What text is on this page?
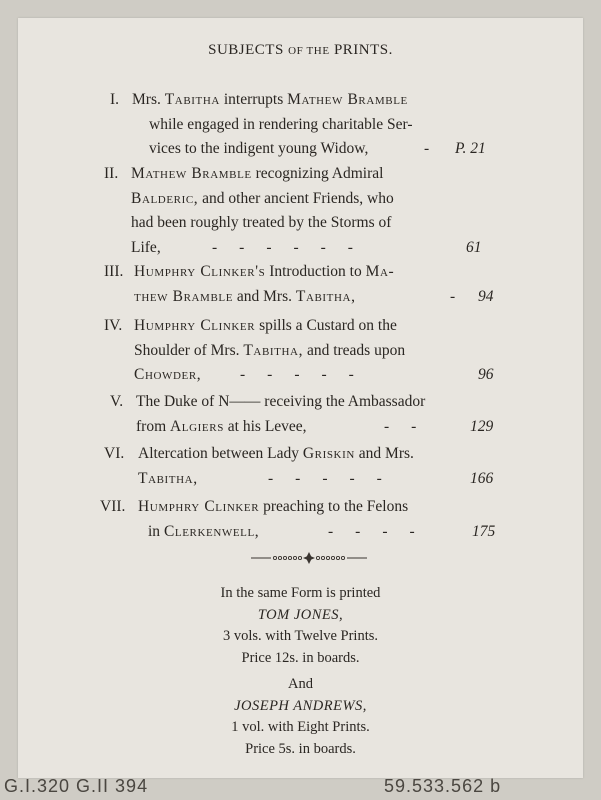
SUBJECTS OF THE PRINTS.
I. Mrs. Tabitha interrupts Mathew Bramble
while engaged in rendering charitable Ser-
vices to the indigent young Widow,	- P. 21
II. Mathew Bramble recognizing Admiral
Balderic, and other ancient Friends, who
had been roughly treated by the Storms of
Life,	------	61
III. Humphry Clinker's Introduction to Ma-
thew Bramble and Mrs. Tabitha,	- 94
IV. Humphry Clinker spills a Custard on the
Shoulder of Mrs. Tabitha, and treads upon
Chowder, -----	96
V. The Duke of N—— receiving the Ambassador
from Algiers at his Levee,	-- 129
VI. Altercation between Lady Griskin and Mrs.
Tabitha,	-----	166
VII. Humphry Clinker preaching to the Felons
in Clerkenwell,	---- 175
In the same Form is printed
TOM JONES,
3 vols. with Twelve Prints.
Price 12s. in boards.
And
JOSEPH ANDREWS,
1 vol. with Eight Prints.
Price 5s. in boards.
G.I.320 G.II 394	59.533.562 b
